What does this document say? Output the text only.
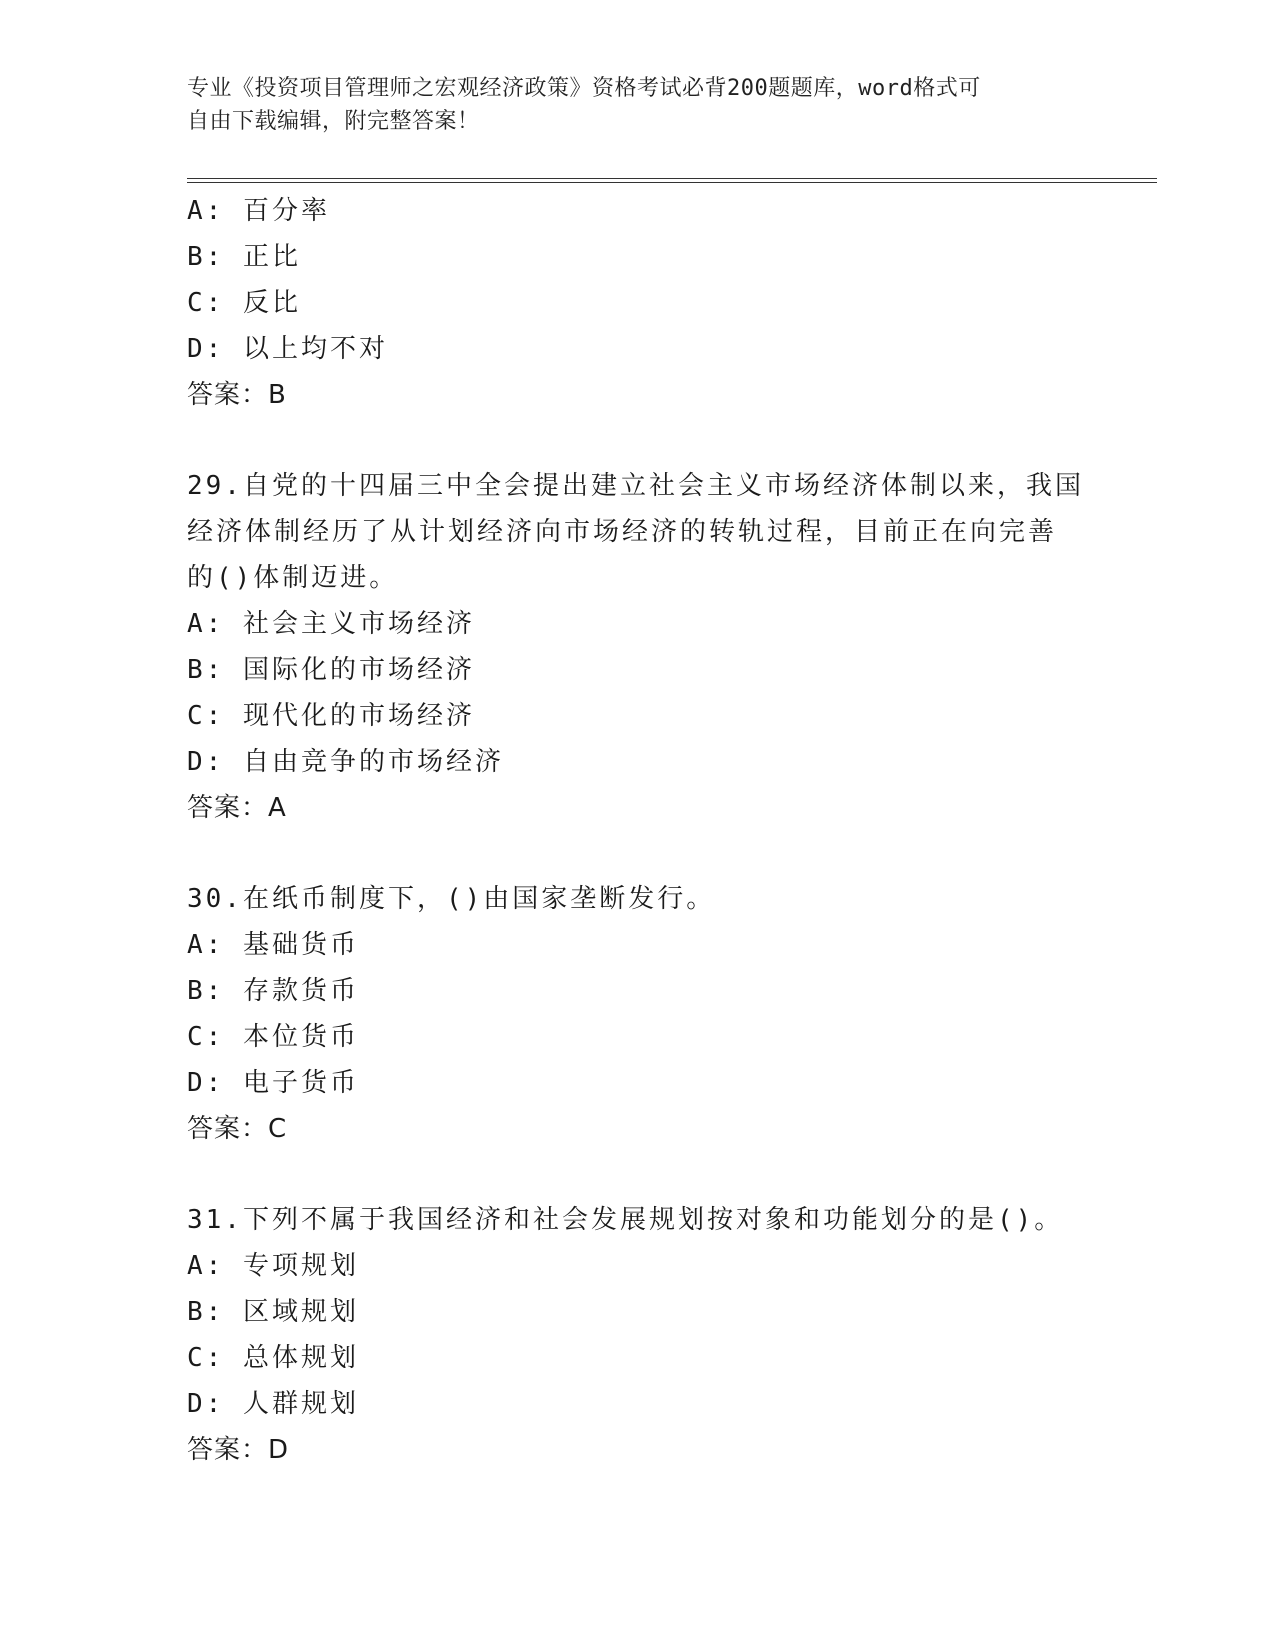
专业《投资项目管理师之宏观经济政策》资格考试必背200题题库，word格式可
自由下载编辑，附完整答案！
A: 百分率
B: 正比
C: 反比
D: 以上均不对
答案：B
29.自党的十四届三中全会提出建立社会主义市场经济体制以来，我国
经济体制经历了从计划经济向市场经济的转轨过程，目前正在向完善
的()体制迈进。
A: 社会主义市场经济
B: 国际化的市场经济
C: 现代化的市场经济
D: 自由竞争的市场经济
答案：A
30.在纸币制度下，()由国家垄断发行。
A: 基础货币
B: 存款货币
C: 本位货币
D: 电子货币
答案：C
31.下列不属于我国经济和社会发展规划按对象和功能划分的是()。
A: 专项规划
B: 区域规划
C: 总体规划
D: 人群规划
答案：D
